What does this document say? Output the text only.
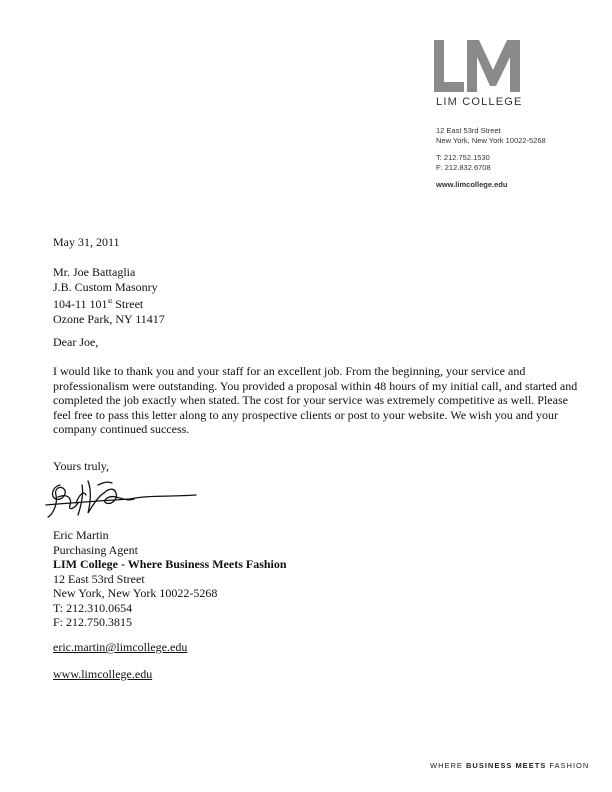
LIM COLLEGE
12 East 53rd Street
New York, New York 10022-5268
T: 212.752.1530
F: 212.832.6708
www.limcollege.edu
May 31, 2011
Mr. Joe Battaglia
J.B. Custom Masonry
104-11 101st Street
Ozone Park, NY 11417
Dear Joe,
I would like to thank you and your staff for an excellent job. From the beginning, your service and professionalism were outstanding. You provided a proposal within 48 hours of my initial call, and started and completed the job exactly when stated. The cost for your service was extremely competitive as well. Please feel free to pass this letter along to any prospective clients or post to your website. We wish you and your company continued success.
Yours truly,
Eric Martin
Purchasing Agent
LIM College - Where Business Meets Fashion
12 East 53rd Street
New York, New York 10022-5268
T: 212.310.0654
F: 212.750.3815
eric.martin@limcollege.edu
www.limcollege.edu
WHERE BUSINESS MEETS FASHION
